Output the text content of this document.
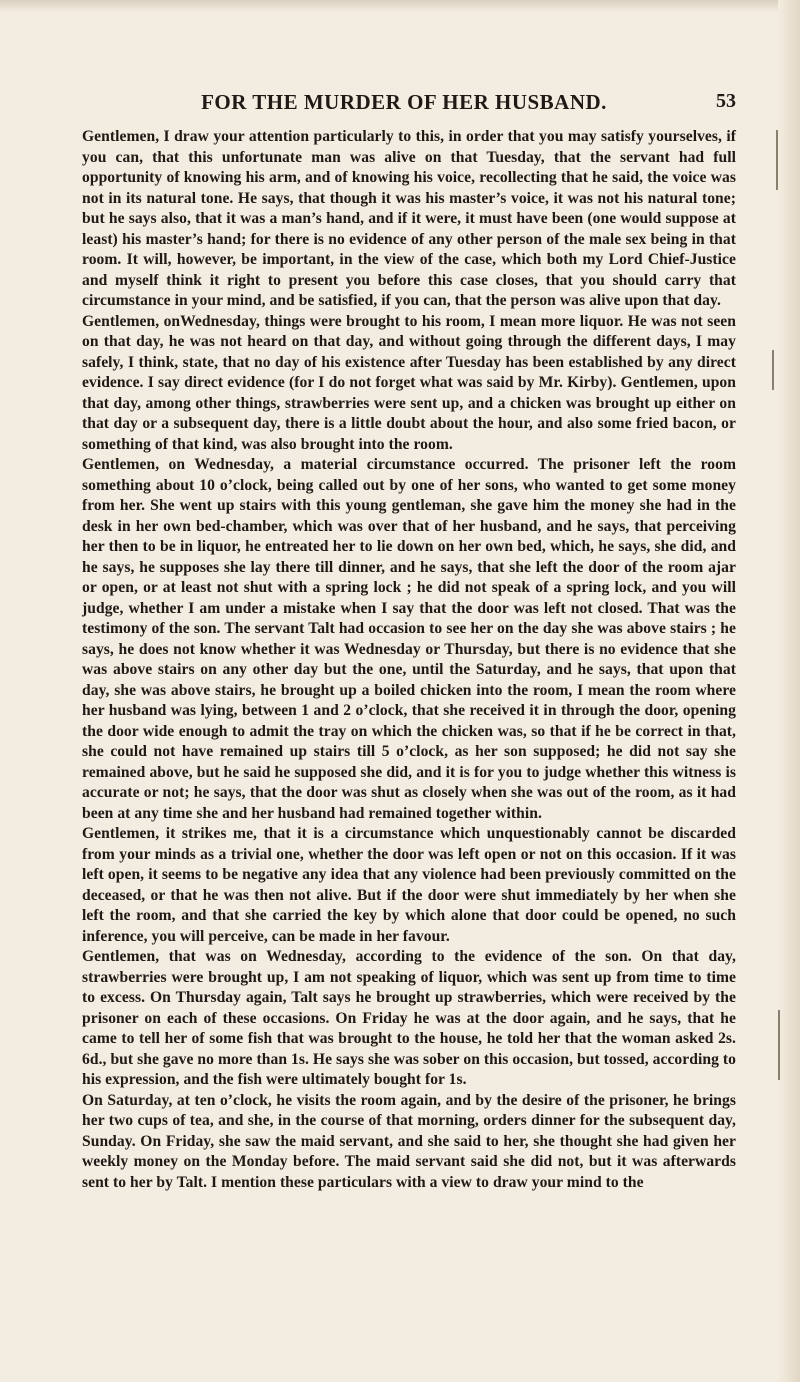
FOR THE MURDER OF HER HUSBAND.	53

Gentlemen, I draw your attention particularly to this, in order that you may satisfy yourselves, if you can, that this unfortunate man was alive on that Tuesday, that the servant had full opportunity of knowing his arm, and of knowing his voice, recollecting that he said, the voice was not in its natural tone. He says, that though it was his master’s voice, it was not his natural tone; but he says also, that it was a man’s hand, and if it were, it must have been (one would suppose at least) his master’s hand; for there is no evidence of any other person of the male sex being in that room. It will, however, be important, in the view of the case, which both my Lord Chief-Justice and myself think it right to present you before this case closes, that you should carry that circumstance in your mind, and be satisfied, if you can, that the person was alive upon that day.

Gentlemen, onWednesday, things were brought to his room, I mean more liquor. He was not seen on that day, he was not heard on that day, and without going through the different days, I may safely, I think, state, that no day of his existence after Tuesday has been established by any direct evidence. I say direct evidence (for I do not forget what was said by Mr. Kirby). Gentlemen, upon that day, among other things, strawberries were sent up, and a chicken was brought up either on that day or a subsequent day, there is a little doubt about the hour, and also some fried bacon, or something of that kind, was also brought into the room.

Gentlemen, on Wednesday, a material circumstance occurred. The prisoner left the room something about 10 o’clock, being called out by one of her sons, who wanted to get some money from her. She went up stairs with this young gentleman, she gave him the money she had in the desk in her own bed-chamber, which was over that of her husband, and he says, that perceiving her then to be in liquor, he entreated her to lie down on her own bed, which, he says, she did, and he says, he supposes she lay there till dinner, and he says, that she left the door of the room ajar or open, or at least not shut with a spring lock ; he did not speak of a spring lock, and you will judge, whether I am under a mistake when I say that the door was left not closed. That was the testimony of the son. The servant Talt had occasion to see her on the day she was above stairs ; he says, he does not know whether it was Wednesday or Thursday, but there is no evidence that she was above stairs on any other day but the one, until the Saturday, and he says, that upon that day, she was above stairs, he brought up a boiled chicken into the room, I mean the room where her husband was lying, between 1 and 2 o’clock, that she received it in through the door, opening the door wide enough to admit the tray on which the chicken was, so that if he be correct in that, she could not have remained up stairs till 5 o’clock, as her son supposed; he did not say she remained above, but he said he supposed she did, and it is for you to judge whether this witness is accurate or not; he says, that the door was shut as closely when she was out of the room, as it had been at any time she and her husband had remained together within.

Gentlemen, it strikes me, that it is a circumstance which unquestionably cannot be discarded from your minds as a trivial one, whether the door was left open or not on this occasion. If it was left open, it seems to be negative any idea that any violence had been previously committed on the deceased, or that he was then not alive. But if the door were shut immediately by her when she left the room, and that she carried the key by which alone that door could be opened, no such inference, you will perceive, can be made in her favour.

Gentlemen, that was on Wednesday, according to the evidence of the son. On that day, strawberries were brought up, I am not speaking of liquor, which was sent up from time to time to excess. On Thursday again, Talt says he brought up strawberries, which were received by the prisoner on each of these occasions. On Friday he was at the door again, and he says, that he came to tell her of some fish that was brought to the house, he told her that the woman asked 2s. 6d., but she gave no more than 1s. He says she was sober on this occasion, but tossed, according to his expression, and the fish were ultimately bought for 1s.

On Saturday, at ten o’clock, he visits the room again, and by the desire of the prisoner, he brings her two cups of tea, and she, in the course of that morning, orders dinner for the subsequent day, Sunday. On Friday, she saw the maid servant, and she said to her, she thought she had given her weekly money on the Monday before. The maid servant said she did not, but it was afterwards sent to her by Talt. I mention these particulars with a view to draw your mind to the
